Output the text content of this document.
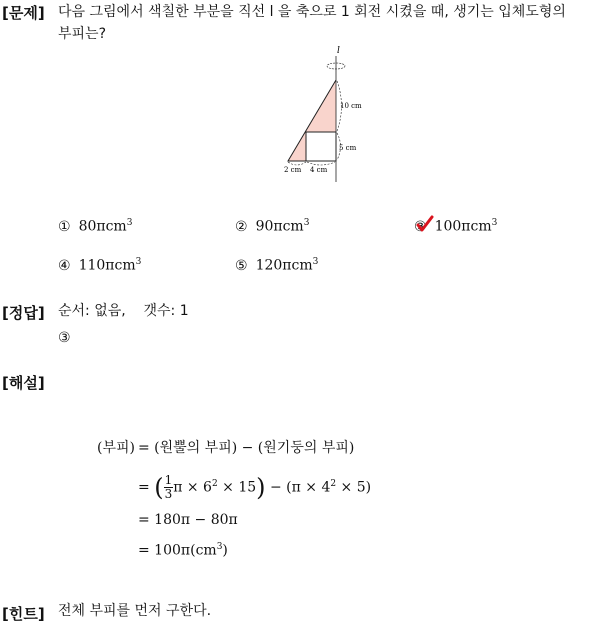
[문제] 다음 그림에서 색칠한 부분을 직선 l 을 축으로 1 회전 시켰을 때, 생기는 입체도형의
부피는?
l
10 cm
5 cm
2 cm 4 cm
① 80πcm$^3$	② 90πcm$^3$	③ 100πcm$^3$
④ 110πcm$^3$	⑤ 120πcm$^3$
[정답] 순서: 없음,    갯수: 1
③
[해설]
(부피) = (원뿔의 부피) − (원기둥의 부피)
= ( $\frac{1}{3}$ $\pi \times 6^2 \times 15) - (\pi \times 4^2 \times 5)$
= 180π − 80π
= $100\pi(cm^3)$
[힌트] 전체 부피를 먼저 구한다.
